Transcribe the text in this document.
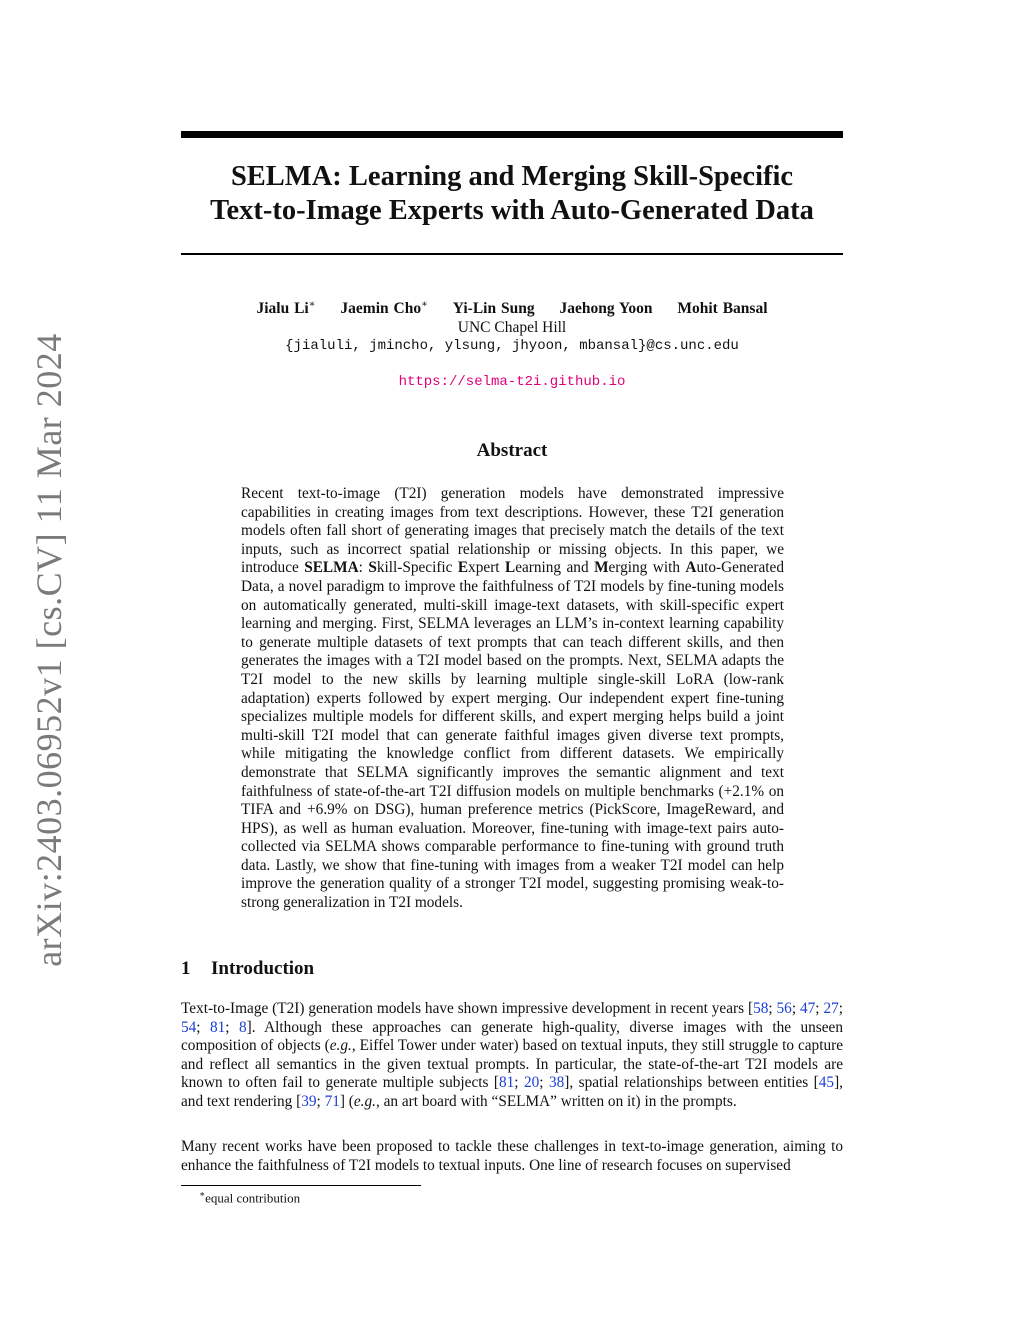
arXiv:2403.06952v1 [cs.CV] 11 Mar 2024
SELMA: Learning and Merging Skill-Specific
Text-to-Image Experts with Auto-Generated Data
Jialu Li∗ Jaemin Cho∗ Yi-Lin Sung Jaehong Yoon Mohit Bansal
UNC Chapel Hill
{jialuli, jmincho, ylsung, jhyoon, mbansal}@cs.unc.edu
https://selma-t2i.github.io
Abstract

Recent text-to-image (T2I) generation models have demonstrated impressive capabilities in creating images from text descriptions. However, these T2I generation models often fall short of generating images that precisely match the details of the text inputs, such as incorrect spatial relationship or missing objects. In this paper, we introduce SELMA: Skill-Specific Expert Learning and Merging with Auto-Generated Data, a novel paradigm to improve the faithfulness of T2I models by fine-tuning models on automatically generated, multi-skill image-text datasets, with skill-specific expert learning and merging. First, SELMA leverages an LLM’s in-context learning capability to generate multiple datasets of text prompts that can teach different skills, and then generates the images with a T2I model based on the prompts. Next, SELMA adapts the T2I model to the new skills by learning multiple single-skill LoRA (low-rank adaptation) experts followed by expert merging. Our independent expert fine-tuning specializes multiple models for different skills, and expert merging helps build a joint multi-skill T2I model that can generate faithful images given diverse text prompts, while mitigating the knowledge conflict from different datasets. We empirically demonstrate that SELMA significantly improves the semantic alignment and text faithfulness of state-of-the-art T2I diffusion models on multiple benchmarks (+2.1% on TIFA and +6.9% on DSG), human preference metrics (PickScore, ImageReward, and HPS), as well as human evaluation. Moreover, fine-tuning with image-text pairs auto-collected via SELMA shows comparable performance to fine-tuning with ground truth data. Lastly, we show that fine-tuning with images from a weaker T2I model can help improve the generation quality of a stronger T2I model, suggesting promising weak-to-strong generalization in T2I models.

1 Introduction

Text-to-Image (T2I) generation models have shown impressive development in recent years [58; 56; 47; 27; 54; 81; 8]. Although these approaches can generate high-quality, diverse images with the unseen composition of objects (e.g., Eiffel Tower under water) based on textual inputs, they still struggle to capture and reflect all semantics in the given textual prompts. In particular, the state-of-the-art T2I models are known to often fail to generate multiple subjects [81; 20; 38], spatial relationships between entities [45], and text rendering [39; 71] (e.g., an art board with “SELMA” written on it) in the prompts.

Many recent works have been proposed to tackle these challenges in text-to-image generation, aiming to enhance the faithfulness of T2I models to textual inputs. One line of research focuses on supervised

∗equal contribution
